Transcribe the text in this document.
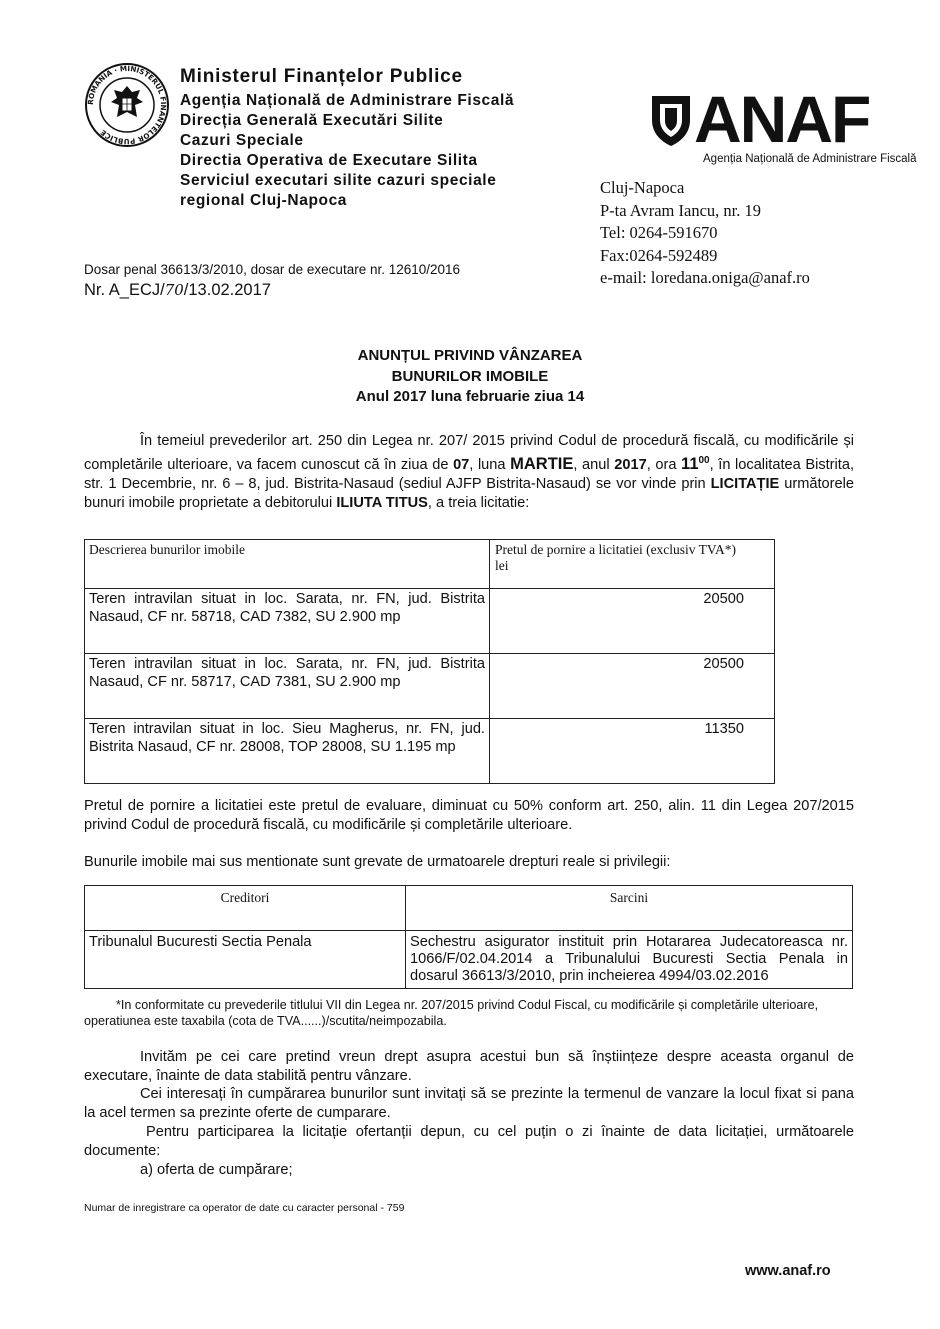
ROMANIA · MINISTERUL FINANTELOR PUBLICE
Ministerul Finanțelor Publice
Agenția Națională de Administrare Fiscală
Direcția Generală Executări Silite
Cazuri Speciale
Directia Operativa de Executare Silita
Serviciul executari silite cazuri speciale
regional Cluj-Napoca
ANAF
Agenția Națională de Administrare Fiscală
Cluj-Napoca
P-ta Avram Iancu, nr. 19
Tel: 0264-591670
Fax:0264-592489
e-mail: loredana.oniga@anaf.ro
Dosar penal 36613/3/2010, dosar de executare nr. 12610/2016
Nr. A_ECJ/70/13.02.2017
ANUNȚUL PRIVIND VÂNZAREA
BUNURILOR IMOBILE
Anul 2017 luna februarie ziua 14
În temeiul prevederilor art. 250 din Legea nr. 207/ 2015 privind Codul de procedură fiscală, cu modificările și completările ulterioare, va facem cunoscut că în ziua de 07, luna MARTIE, anul 2017, ora $11^{00}$, în localitatea Bistrita, str. 1 Decembrie, nr. 6 – 8, jud. Bistrita-Nasaud (sediul AJFP Bistrita-Nasaud) se vor vinde prin LICITAȚIE următorele bunuri imobile proprietate a debitorului ILIUTA TITUS, a treia licitatie:
Descrierea bunurilor imobile	Pretul de pornire a licitatiei (exclusiv TVA*) lei
Teren intravilan situat in loc. Sarata, nr. FN, jud. Bistrita Nasaud, CF nr. 58718, CAD 7382, SU 2.900 mp	20500
Teren intravilan situat in loc. Sarata, nr. FN, jud. Bistrita Nasaud, CF nr. 58717, CAD 7381, SU 2.900 mp	20500
Teren intravilan situat in loc. Sieu Magherus, nr. FN, jud. Bistrita Nasaud, CF nr. 28008, TOP 28008, SU 1.195 mp	11350
Pretul de pornire a licitatiei este pretul de evaluare, diminuat cu 50% conform art. 250, alin. 11 din Legea 207/2015 privind Codul de procedură fiscală, cu modificările și completările ulterioare.
Bunurile imobile mai sus mentionate sunt grevate de urmatoarele drepturi reale si privilegii:
Creditori	Sarcini
Tribunalul Bucuresti Sectia Penala	Sechestru asigurator instituit prin Hotararea Judecatoreasca nr. 1066/F/02.04.2014 a Tribunalului Bucuresti Sectia Penala in dosarul 36613/3/2010, prin incheierea 4994/03.02.2016
*In conformitate cu prevederile titlului VII din Legea nr. 207/2015 privind Codul Fiscal, cu modificările și completările ulterioare, operatiunea este taxabila (cota de TVA......)/scutita/neimpozabila.
Invităm pe cei care pretind vreun drept asupra acestui bun să înștiințeze despre aceasta organul de executare, înainte de data stabilită pentru vânzare.
Cei interesați în cumpărarea bunurilor sunt invitați să se prezinte la termenul de vanzare la locul fixat si pana la acel termen sa prezinte oferte de cumparare.
Pentru participarea la licitație ofertanții depun, cu cel puțin o zi înainte de data licitației, următoarele documente:
a) oferta de cumpărare;
Numar de inregistrare ca operator de date cu caracter personal - 759
www.anaf.ro
